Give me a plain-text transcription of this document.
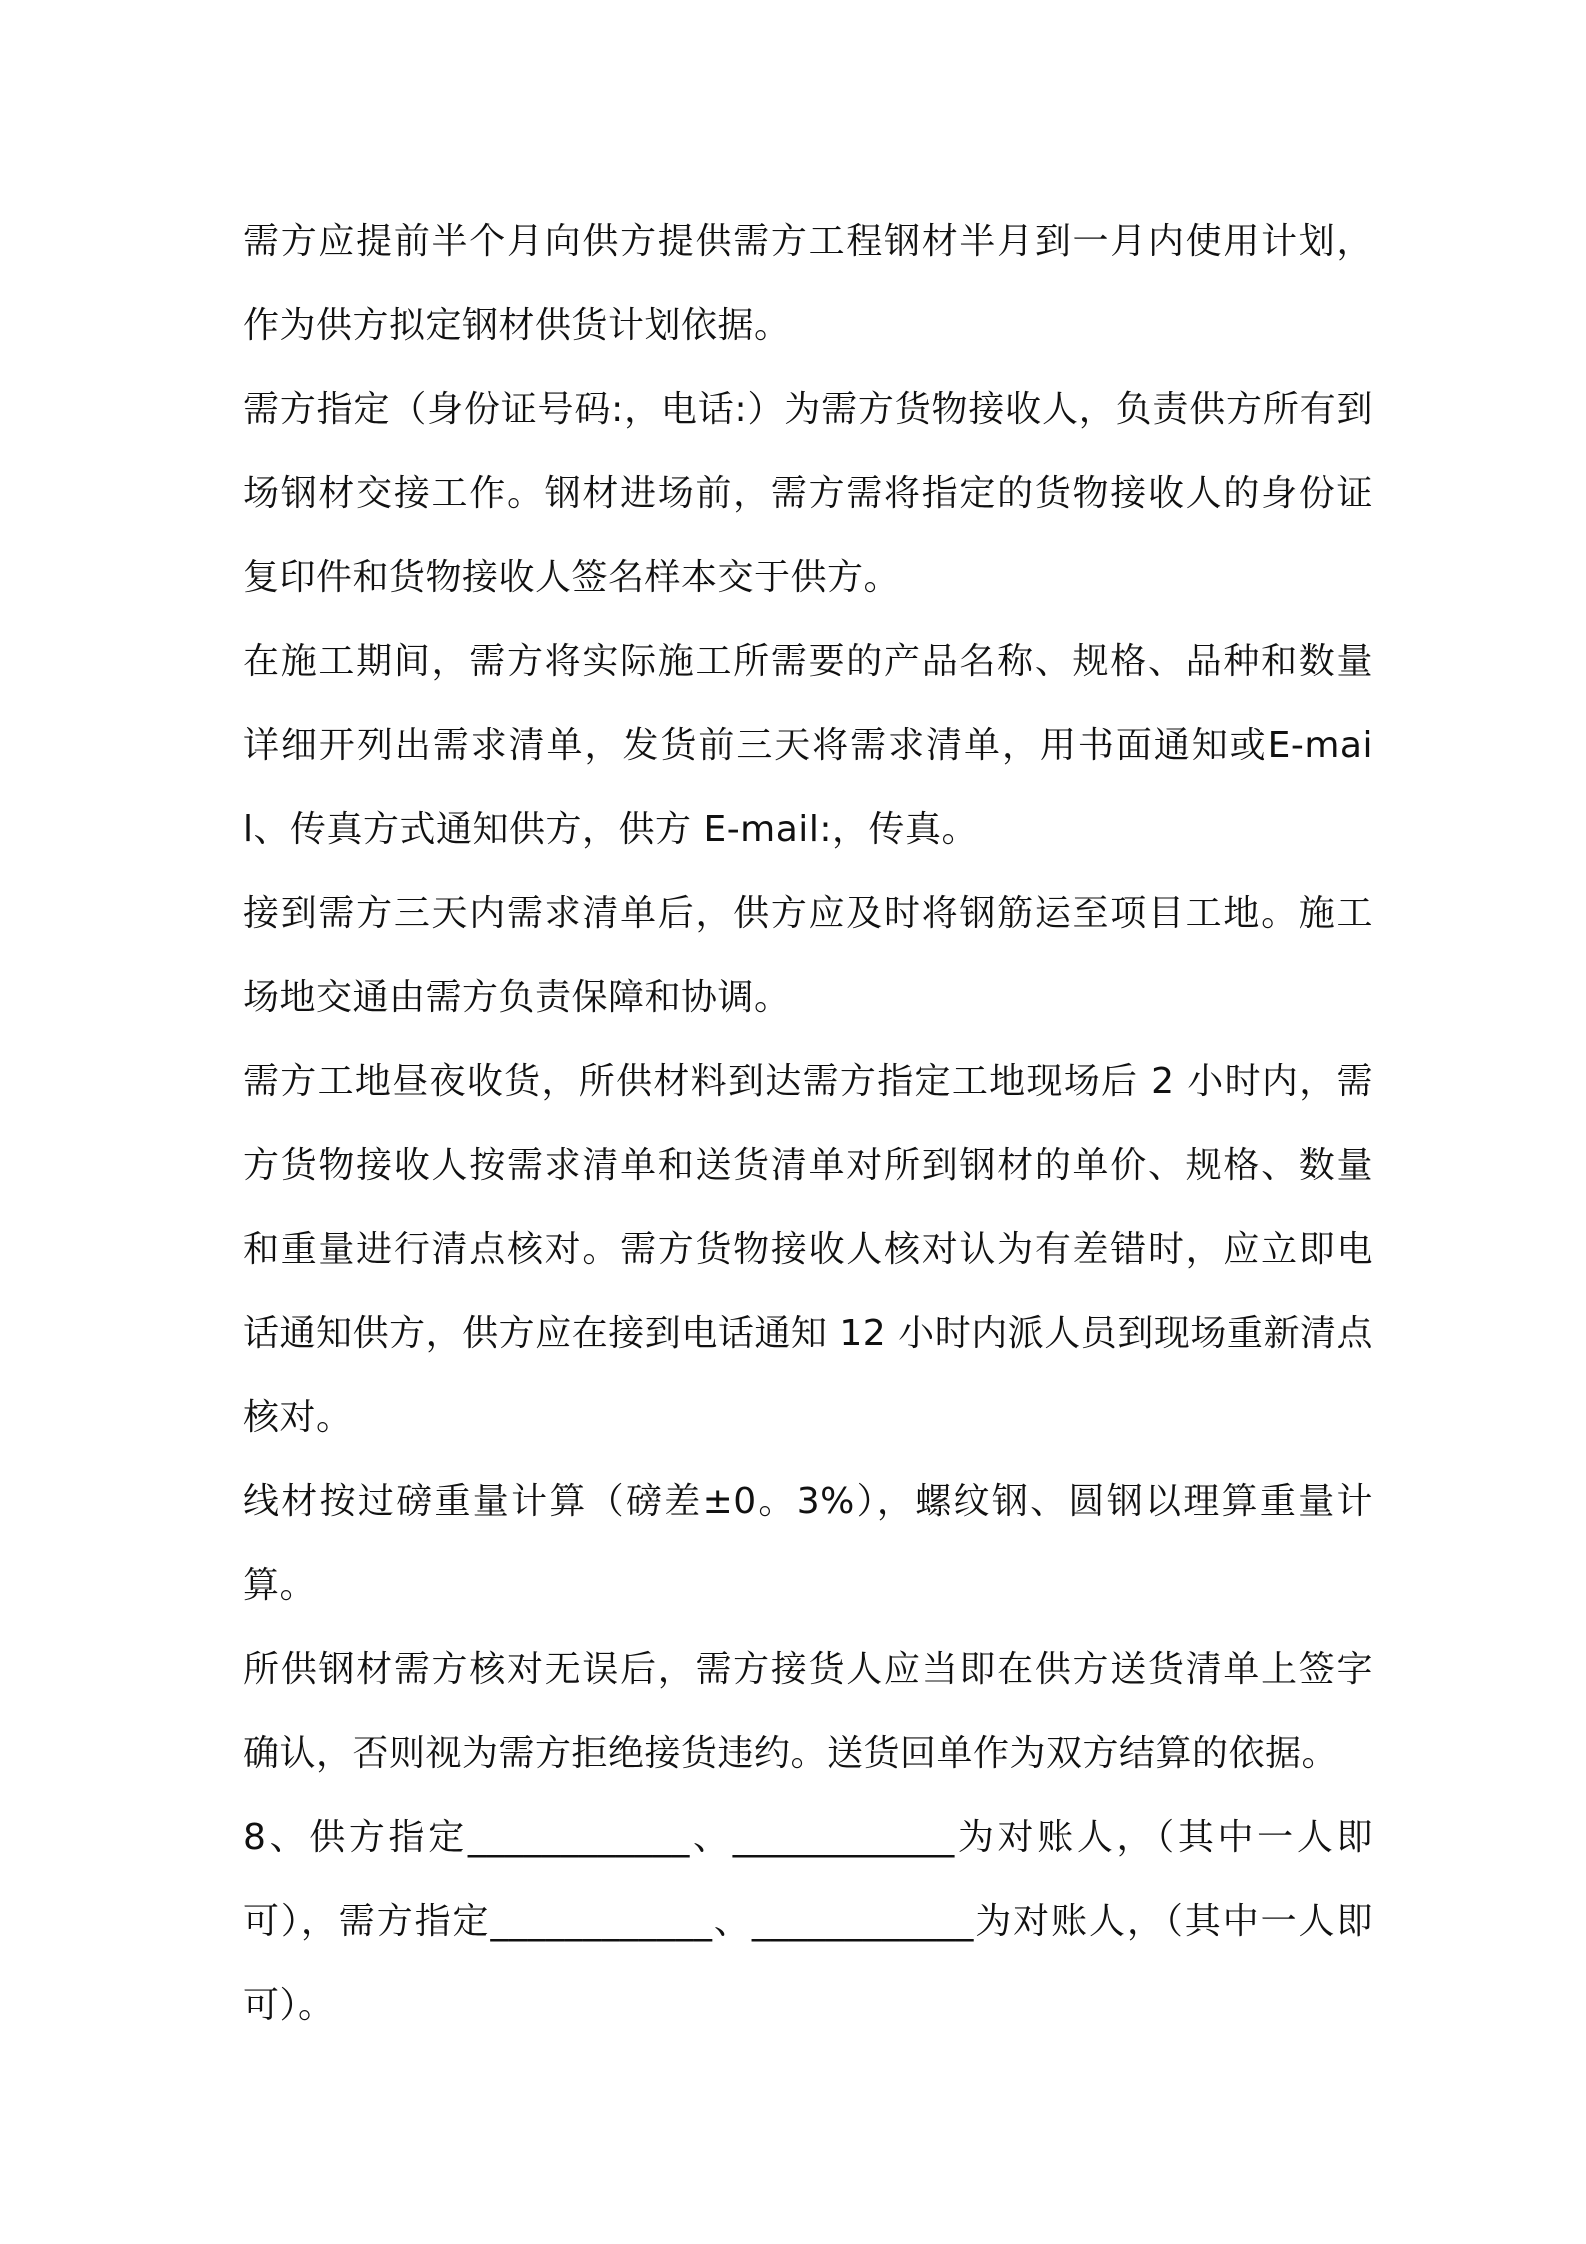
需方应提前半个月向供方提供需方工程钢材半月到一月内使用计划，作为供方拟定钢材供货计划依据。

需方指定（身份证号码:，电话:）为需方货物接收人，负责供方所有到场钢材交接工作。钢材进场前，需方需将指定的货物接收人的身份证复印件和货物接收人签名样本交于供方。

在施工期间，需方将实际施工所需要的产品名称、规格、品种和数量详细开列出需求清单，发货前三天将需求清单，用书面通知或E-mail、传真方式通知供方，供方 E-mail:，传真。

接到需方三天内需求清单后，供方应及时将钢筋运至项目工地。施工场地交通由需方负责保障和协调。

需方工地昼夜收货，所供材料到达需方指定工地现场后 2 小时内，需方货物接收人按需求清单和送货清单对所到钢材的单价、规格、数量和重量进行清点核对。需方货物接收人核对认为有差错时，应立即电话通知供方，供方应在接到电话通知 12 小时内派人员到现场重新清点核对。

线材按过磅重量计算（磅差±0。3%），螺纹钢、圆钢以理算重量计算。

所供钢材需方核对无误后，需方接货人应当即在供方送货清单上签字确认，否则视为需方拒绝接货违约。送货回单作为双方结算的依据。

8、供方指定____________、____________为对账人，（其中一人即可），需方指定____________、____________为对账人，（其中一人即可）。
